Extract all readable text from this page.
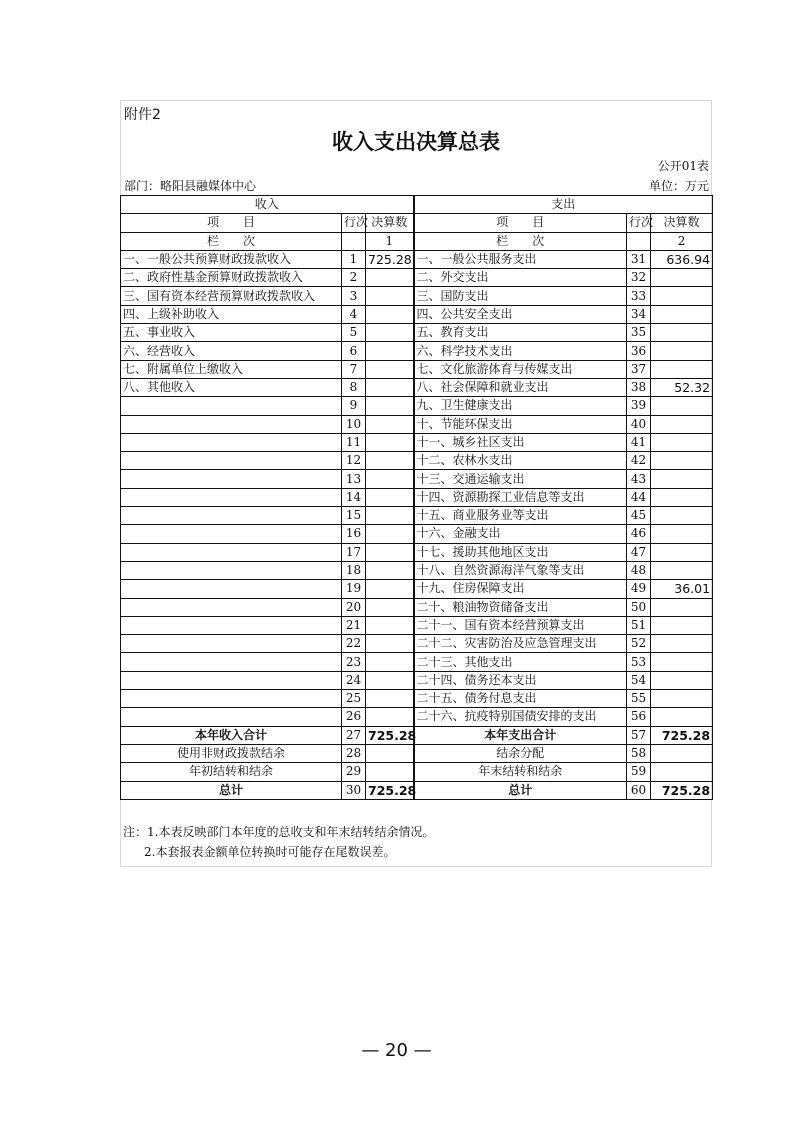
附件2
收入支出决算总表
公开01表
部门：略阳县融媒体中心	单位：万元
收入			支出		
项　　目	行次	决算数	项　　目	行次	决算数
栏　　次		1	栏　　次		2
一、一般公共预算财政拨款收入	1	725.28	一、一般公共服务支出	31	636.94
二、政府性基金预算财政拨款收入	2		二、外交支出	32	
三、国有资本经营预算财政拨款收入	3		三、国防支出	33	
四、上级补助收入	4		四、公共安全支出	34	
五、事业收入	5		五、教育支出	35	
六、经营收入	6		六、科学技术支出	36	
七、附属单位上缴收入	7		七、文化旅游体育与传媒支出	37	
八、其他收入	8		八、社会保障和就业支出	38	52.32
	9		九、卫生健康支出	39	
	10		十、节能环保支出	40	
	11		十一、城乡社区支出	41	
	12		十二、农林水支出	42	
	13		十三、交通运输支出	43	
	14		十四、资源勘探工业信息等支出	44	
	15		十五、商业服务业等支出	45	
	16		十六、金融支出	46	
	17		十七、援助其他地区支出	47	
	18		十八、自然资源海洋气象等支出	48	
	19		十九、住房保障支出	49	36.01
	20		二十、粮油物资储备支出	50	
	21		二十一、国有资本经营预算支出	51	
	22		二十二、灾害防治及应急管理支出	52	
	23		二十三、其他支出	53	
	24		二十四、债务还本支出	54	
	25		二十五、债务付息支出	55	
	26		二十六、抗疫特别国债安排的支出	56	
本年收入合计	27	725.28	本年支出合计	57	725.28
使用非财政拨款结余	28		结余分配	58	
年初结转和结余	29		年末结转和结余	59	
总计	30	725.28	总计	60	725.28
注：1.本表反映部门本年度的总收支和年末结转结余情况。
2.本套报表金额单位转换时可能存在尾数误差。
— 20 —
